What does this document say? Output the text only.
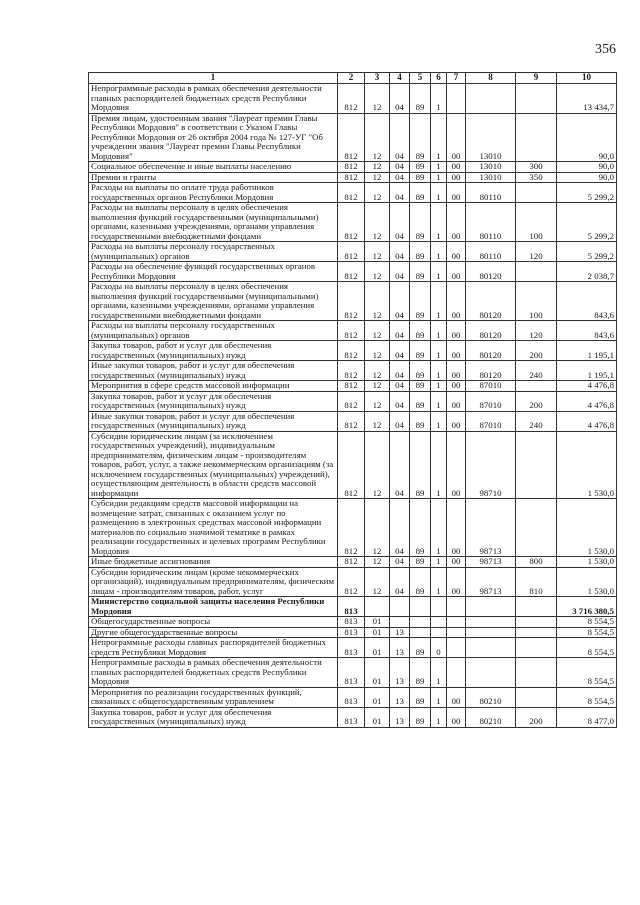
356
1	2	3	4	5	6	7	8	9	10
Непрограммные расходы в рамках обеспечения деятельности главных распорядителей бюджетных средств Республики Мордовия	812	12	04	89	1				13 434,7
Премия лицам, удостоенным звания "Лауреат премии Главы Республики Мордовия" в соответствии с Указом Главы Республики Мордовия от 26 октября 2004 года № 127-УГ "Об учреждении звания "Лауреат премии Главы Республики Мордовия"	812	12	04	89	1	00	13010		90,0
Социальное обеспечение и иные выплаты населению	812	12	04	89	1	00	13010	300	90,0
Премии и гранты	812	12	04	89	1	00	13010	350	90,0
Расходы на выплаты по оплате труда работников государственных органов Республики Мордовия	812	12	04	89	1	00	80110		5 299,2
Расходы на выплаты персоналу в целях обеспечения выполнения функций государственными (муниципальными) органами, казенными учреждениями, органами управления государственными внебюджетными фондами	812	12	04	89	1	00	80110	100	5 299,2
Расходы на выплаты персоналу государственных (муниципальных) органов	812	12	04	89	1	00	80110	120	5 299,2
Расходы на обеспечение функций государственных органов Республики Мордовия	812	12	04	89	1	00	80120		2 038,7
Расходы на выплаты персоналу в целях обеспечения выполнения функций государственными (муниципальными) органами, казенными учреждениями, органами управления государственными внебюджетными фондами	812	12	04	89	1	00	80120	100	843,6
Расходы на выплаты персоналу государственных (муниципальных) органов	812	12	04	89	1	00	80120	120	843,6
Закупка товаров, работ и услуг для обеспечения государственных (муниципальных) нужд	812	12	04	89	1	00	80120	200	1 195,1
Иные закупки товаров, работ и услуг для обеспечения государственных (муниципальных) нужд	812	12	04	89	1	00	80120	240	1 195,1
Мероприятия в сфере средств массовой информации	812	12	04	89	1	00	87010		4 476,8
Закупка товаров, работ и услуг для обеспечения государственных (муниципальных) нужд	812	12	04	89	1	00	87010	200	4 476,8
Иные закупки товаров, работ и услуг для обеспечения государственных (муниципальных) нужд	812	12	04	89	1	00	87010	240	4 476,8
Субсидии юридическим лицам (за исключением государственных учреждений), индивидуальным предпринимателям, физическим лицам - производителям товаров, работ, услуг, а также некоммерческим организациям (за исключением государственных (муниципальных) учреждений), осуществляющим деятельность в области средств массовой информации	812	12	04	89	1	00	98710		1 530,0
Субсидии редакциям средств массовой информации на возмещение затрат, связанных с оказанием услуг по размещению в электронных средствах массовой информации материалов по социально значимой тематике в рамках реализации государственных и целевых программ Республики Мордовия	812	12	04	89	1	00	98713		1 530,0
Иные бюджетные ассигнования	812	12	04	89	1	00	98713	800	1 530,0
Субсидии юридическим лицам (кроме некоммерческих организаций), индивидуальным предпринимателям, физическим лицам - производителям товаров, работ, услуг	812	12	04	89	1	00	98713	810	1 530,0
Министерство социальной защиты населения Республики Мордовия	813								3 716 380,5
Общегосударственные вопросы	813	01							8 554,5
Другие общегосударственные вопросы	813	01	13						8 554,5
Непрограммные расходы главных распорядителей бюджетных средств Республики Мордовия	813	01	13	89	0				8 554,5
Непрограммные расходы в рамках обеспечения деятельности главных распорядителей бюджетных средств Республики Мордовия	813	01	13	89	1				8 554,5
Мероприятия по реализации государственных функций, связанных с общегосударственным управлением	813	01	13	89	1	00	80210		8 554,5
Закупка товаров, работ и услуг для обеспечения государственных (муниципальных) нужд	813	01	13	89	1	00	80210	200	8 477,0
